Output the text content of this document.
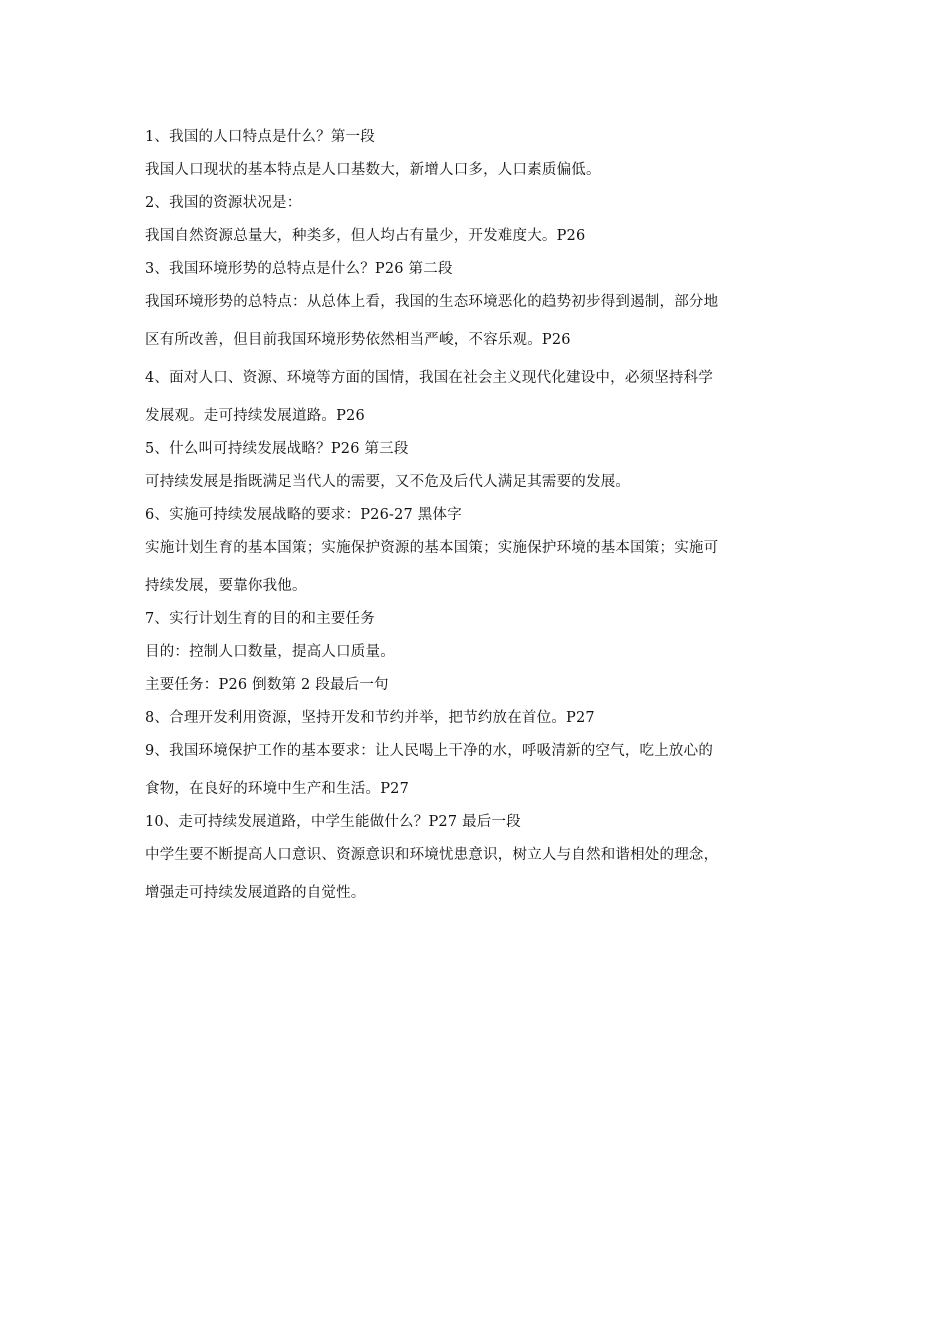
1、我国的人口特点是什么？第一段

我国人口现状的基本特点是人口基数大，新增人口多，人口素质偏低。

2、我国的资源状况是：

我国自然资源总量大，种类多，但人均占有量少，开发难度大。P26

3、我国环境形势的总特点是什么？P26 第二段

我国环境形势的总特点：从总体上看，我国的生态环境恶化的趋势初步得到遏制，部分地

区有所改善，但目前我国环境形势依然相当严峻，不容乐观。P26

4、面对人口、资源、环境等方面的国情，我国在社会主义现代化建设中，必须坚持科学

发展观。走可持续发展道路。P26

5、什么叫可持续发展战略？P26 第三段

可持续发展是指既满足当代人的需要，又不危及后代人满足其需要的发展。

6、实施可持续发展战略的要求：P26-27 黑体字

实施计划生育的基本国策；实施保护资源的基本国策；实施保护环境的基本国策；实施可

持续发展，要靠你我他。

7、实行计划生育的目的和主要任务

目的：控制人口数量，提高人口质量。

主要任务：P26 倒数第 2 段最后一句

8、合理开发利用资源，坚持开发和节约并举，把节约放在首位。P27

9、我国环境保护工作的基本要求：让人民喝上干净的水，呼吸清新的空气，吃上放心的

食物，在良好的环境中生产和生活。P27

10、走可持续发展道路，中学生能做什么？P27 最后一段

中学生要不断提高人口意识、资源意识和环境忧患意识，树立人与自然和谐相处的理念，

增强走可持续发展道路的自觉性。
